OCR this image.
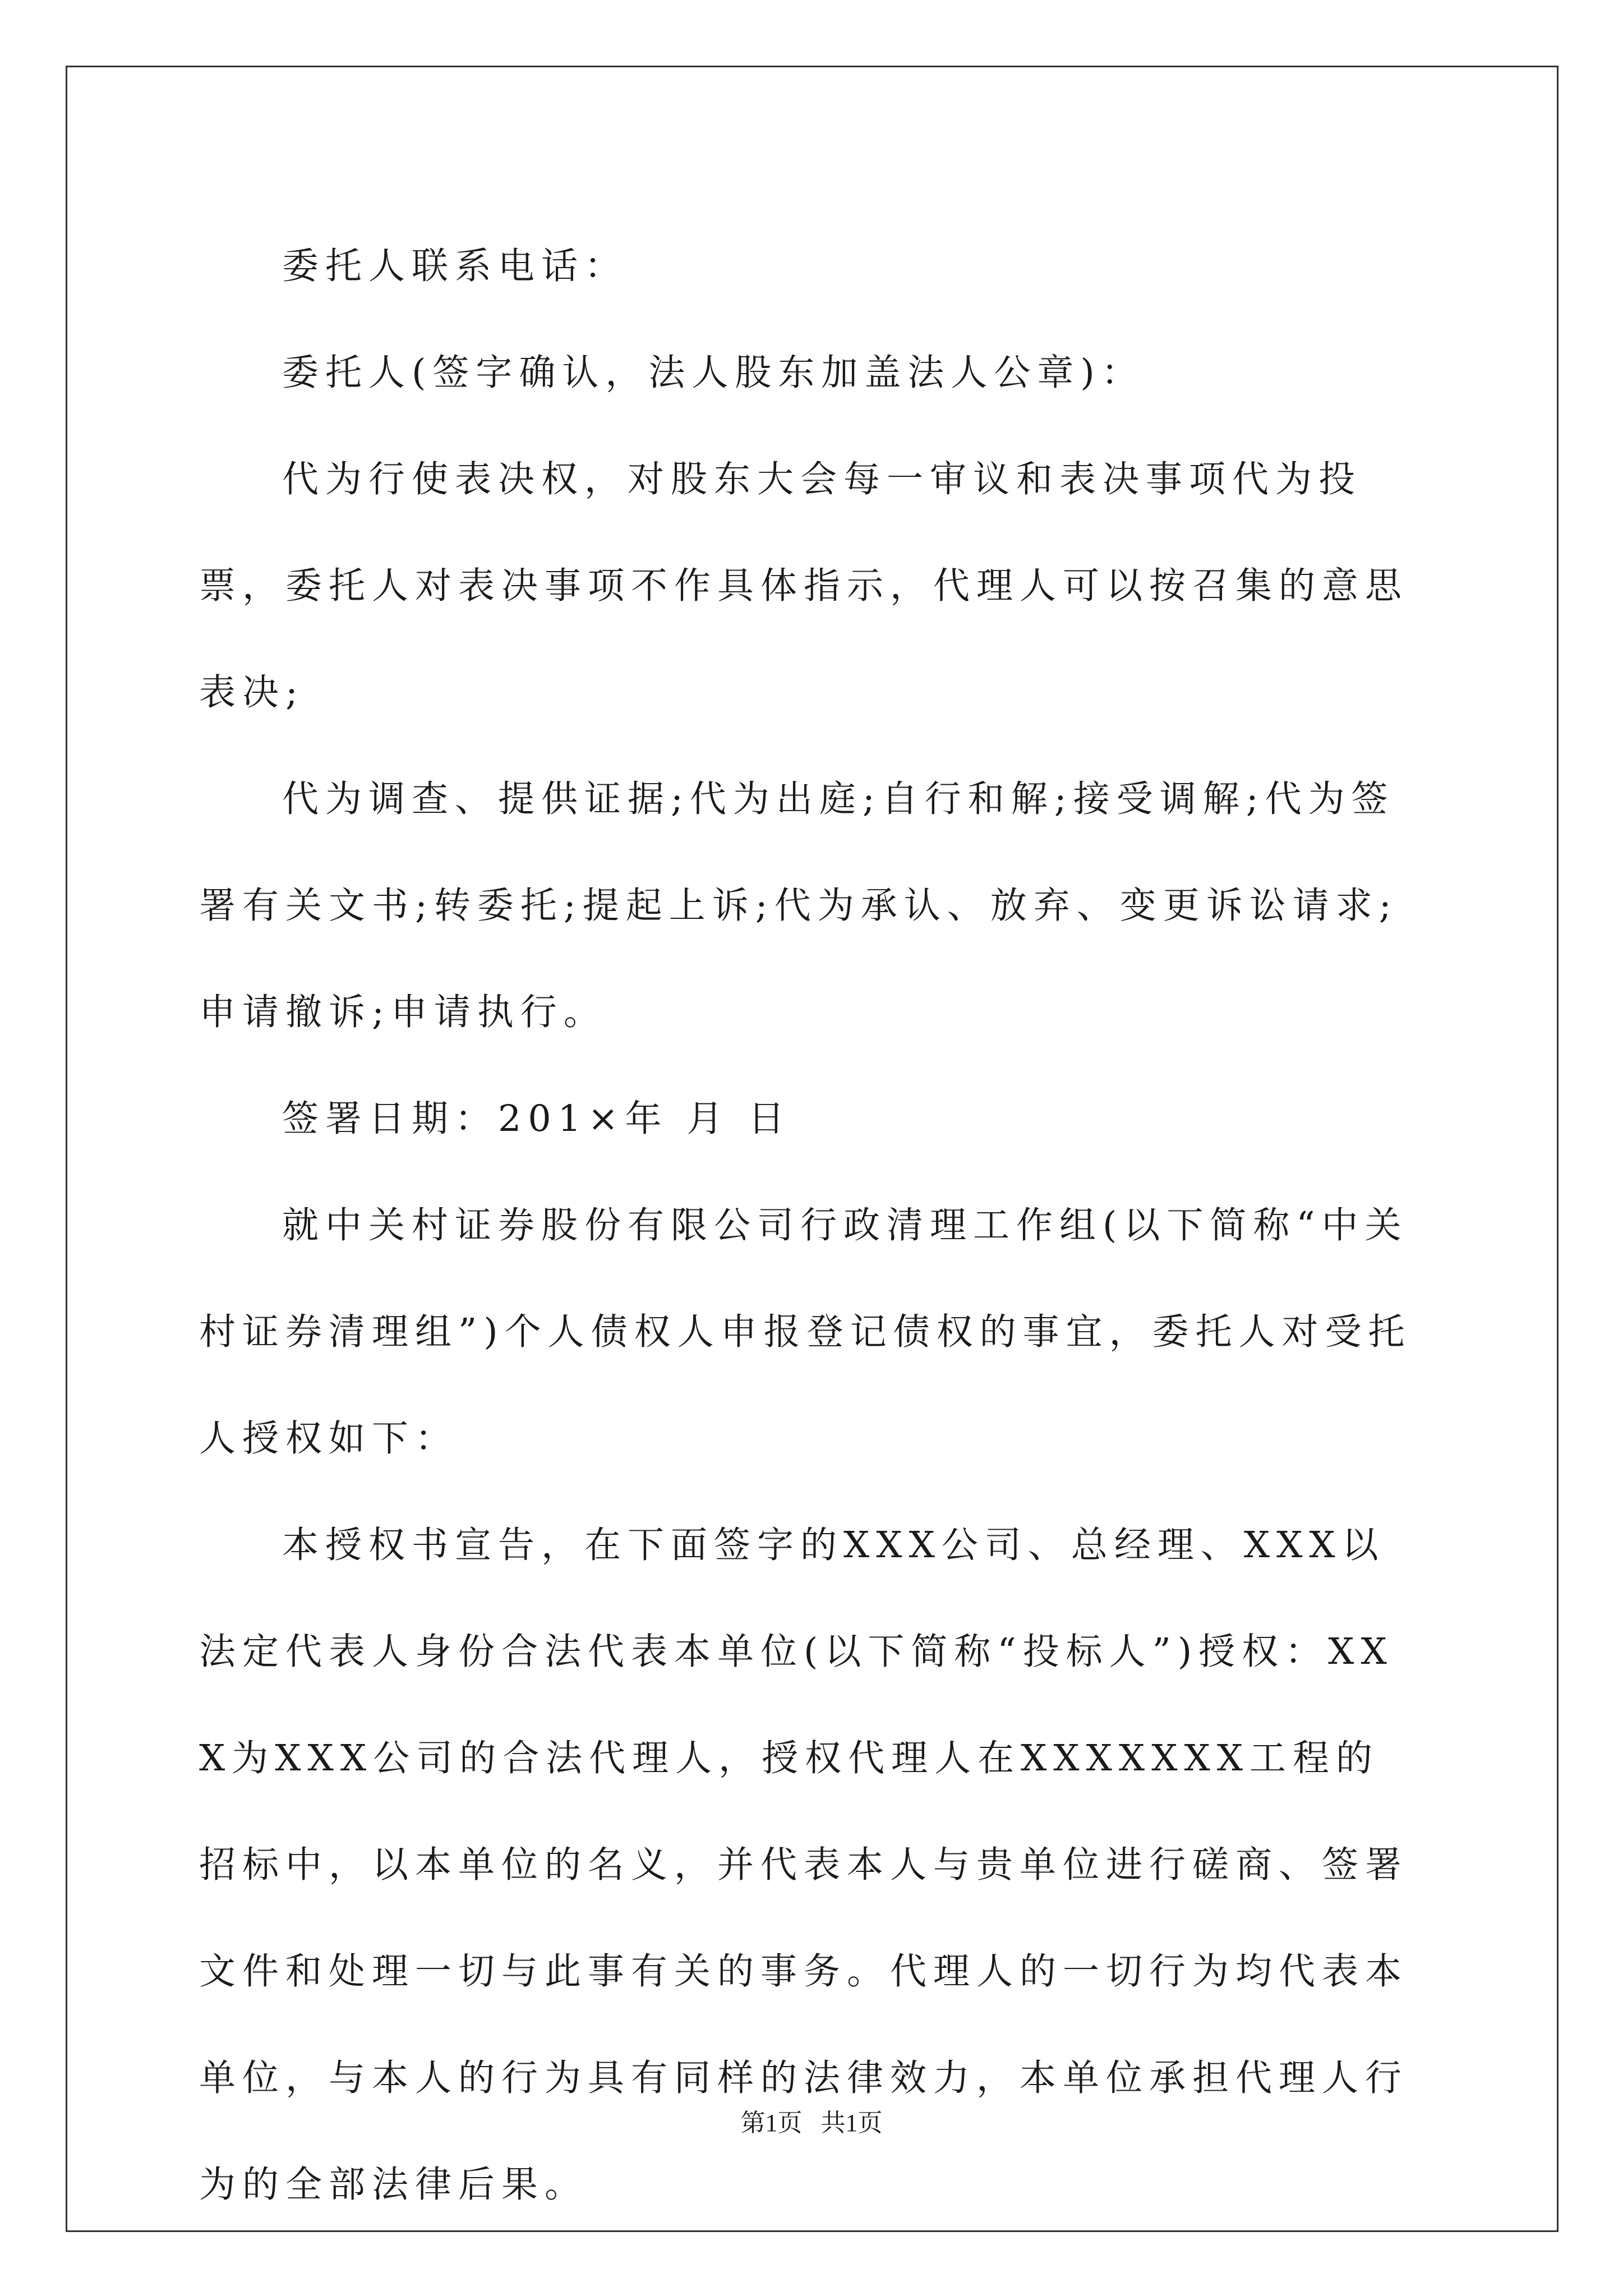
委托人联系电话：

委托人(签字确认，法人股东加盖法人公章)：

代为行使表决权，对股东大会每一审议和表决事项代为投票，委托人对表决事项不作具体指示，代理人可以按召集的意思表决;

代为调查、提供证据;代为出庭;自行和解;接受调解;代为签署有关文书;转委托;提起上诉;代为承认、放弃、变更诉讼请求;申请撤诉;申请执行。

签署日期：201×年 月 日

就中关村证券股份有限公司行政清理工作组(以下简称“中关村证券清理组”)个人债权人申报登记债权的事宜，委托人对受托人授权如下：

本授权书宣告，在下面签字的XXX公司、总经理、XXX以法定代表人身份合法代表本单位(以下简称“投标人”)授权：XXX为XXX公司的合法代理人，授权代理人在XXXXXXX工程的招标中，以本单位的名义，并代表本人与贵单位进行磋商、签署文件和处理一切与此事有关的事务。代理人的一切行为均代表本单位，与本人的行为具有同样的法律效力，本单位承担代理人行为的全部法律后果。

第1页   共1页
